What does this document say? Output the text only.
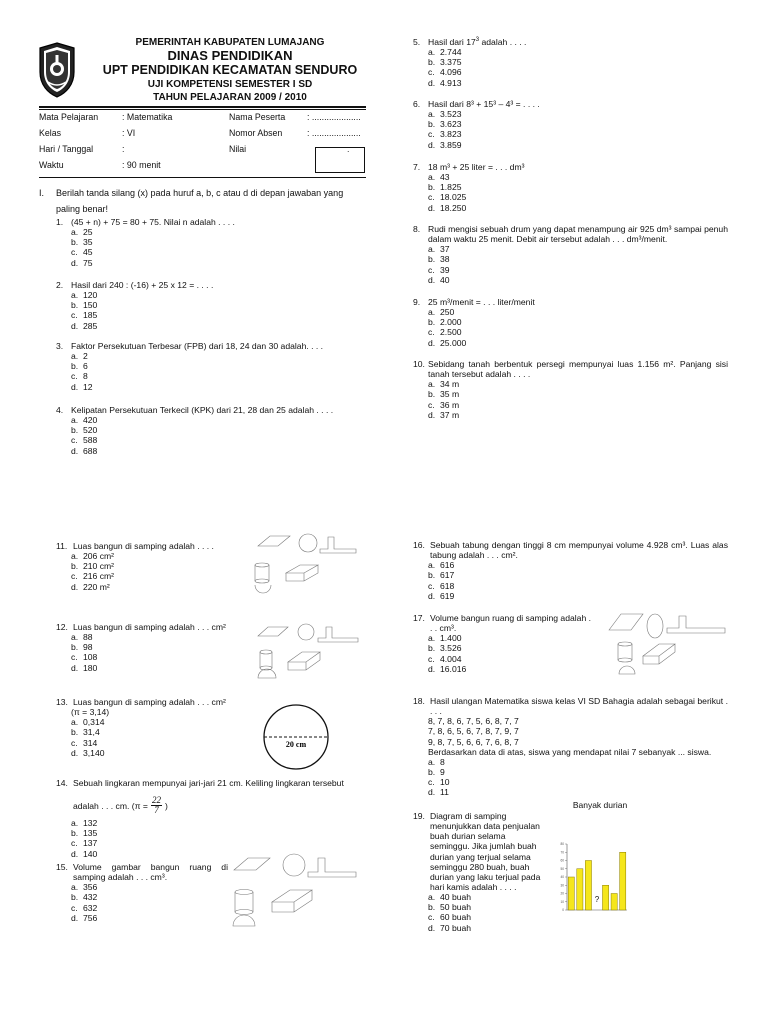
PEMERINTAH KABUPATEN LUMAJANG
DINAS PENDIDIKAN
UPT PENDIDIKAN KECAMATAN SENDURO
UJI KOMPETENSI SEMESTER I SD
TAHUN PELAJARAN 2009 / 2010
Mata Pelajaran	: Matematika	Nama Peserta	: ....................
Kelas	: VI	Nomor Absen	: ....................
Hari / Tanggal	:	Nilai	:
Waktu	: 90 menit		
I.	Berilah tanda silang (x) pada huruf a, b, c atau d di depan jawaban yang paling benar!
1. (45 + n) + 75 = 80 + 75. Nilai n adalah . . . .
a. 25
b. 35
c. 45
d. 75
2. Hasil dari 240 : (-16) + 25 x 12 = . . . .
a. 120
b. 150
c. 185
d. 285
3. Faktor Persekutuan Terbesar (FPB) dari 18, 24 dan 30 adalah. . . .
a. 2
b. 6
c. 8
d. 12
4. Kelipatan Persekutuan Terkecil (KPK) dari 21, 28 dan 25 adalah . . . .
a. 420
b. 520
c. 588
d. 688
5. Hasil dari $17^3$ adalah . . . .
a. 2.744
b. 3.375
c. 4.096
d. 4.913
6. Hasil dari 8³ + 15³ – 4³ = . . . .
a. 3.523
b. 3.623
c. 3.823
d. 3.859
7. 18 m³ + 25 liter = . . . dm³
a. 43
b. 1.825
c. 18.025
d. 18.250
8. Rudi mengisi sebuah drum yang dapat menampung air 925 dm³ sampai penuh dalam waktu 25 menit. Debit air tersebut adalah . . . dm³/menit.
a. 37
b. 38
c. 39
d. 40
9. 25 m³/menit = . . . liter/menit
a. 250
b. 2.000
c. 2.500
d. 25.000
10. Sebidang tanah berbentuk persegi mempunyai luas 1.156 m². Panjang sisi tanah tersebut adalah . . . .
a. 34 m
b. 35 m
c. 36 m
d. 37 m
11. Luas bangun di samping adalah . . . .
a. 206 cm²
b. 210 cm²
c. 216 cm²
d. 220 m²
12. Luas bangun di samping adalah . . . cm²
a. 88
b. 98
c. 108
d. 180
13. Luas bangun di samping adalah . . . cm²
(π = 3,14)
a. 0,314
b. 31,4
c. 314
d. 3,140
20 cm
14. Sebuah lingkaran mempunyai jari-jari 21 cm. Keliling lingkaran tersebut
adalah . . . cm. ($\pi = \frac{22}{7}$ )
a. 132
b. 135
c. 137
d. 140
15. Volume gambar bangun ruang di samping adalah . . . cm³.
a. 356
b. 432
c. 632
d. 756
16. Sebuah tabung dengan tinggi 8 cm mempunyai volume 4.928 cm³. Luas alas tabung adalah . . . cm².
a. 616
b. 617
c. 618
d. 619
17. Volume bangun ruang di samping adalah . . . cm³.
a. 1.400
b. 3.526
c. 4.004
d. 16.016
18. Hasil ulangan Matematika siswa kelas VI SD Bahagia adalah sebagai berikut . . . .
8, 7, 8, 6, 7, 5, 6, 8, 7, 7
7, 8, 6, 5, 6, 7, 8, 7, 9, 7
9, 8, 7, 5, 6, 6, 7, 6, 8, 7
Berdasarkan data di atas, siswa yang mendapat nilai 7 sebanyak ... siswa.
a. 8
b. 9
c. 10
d. 11
19. Diagram di samping menunjukkan data penjualan buah durian selama seminggu. Jika jumlah buah durian yang terjual selama seminggu 280 buah, buah durian yang laku terjual pada hari kamis adalah . . . .
a. 40 buah
b. 50 buah
c. 60 buah
d. 70 buah
Banyak durian
0
10
20
30
40
50
60
70
80
?
